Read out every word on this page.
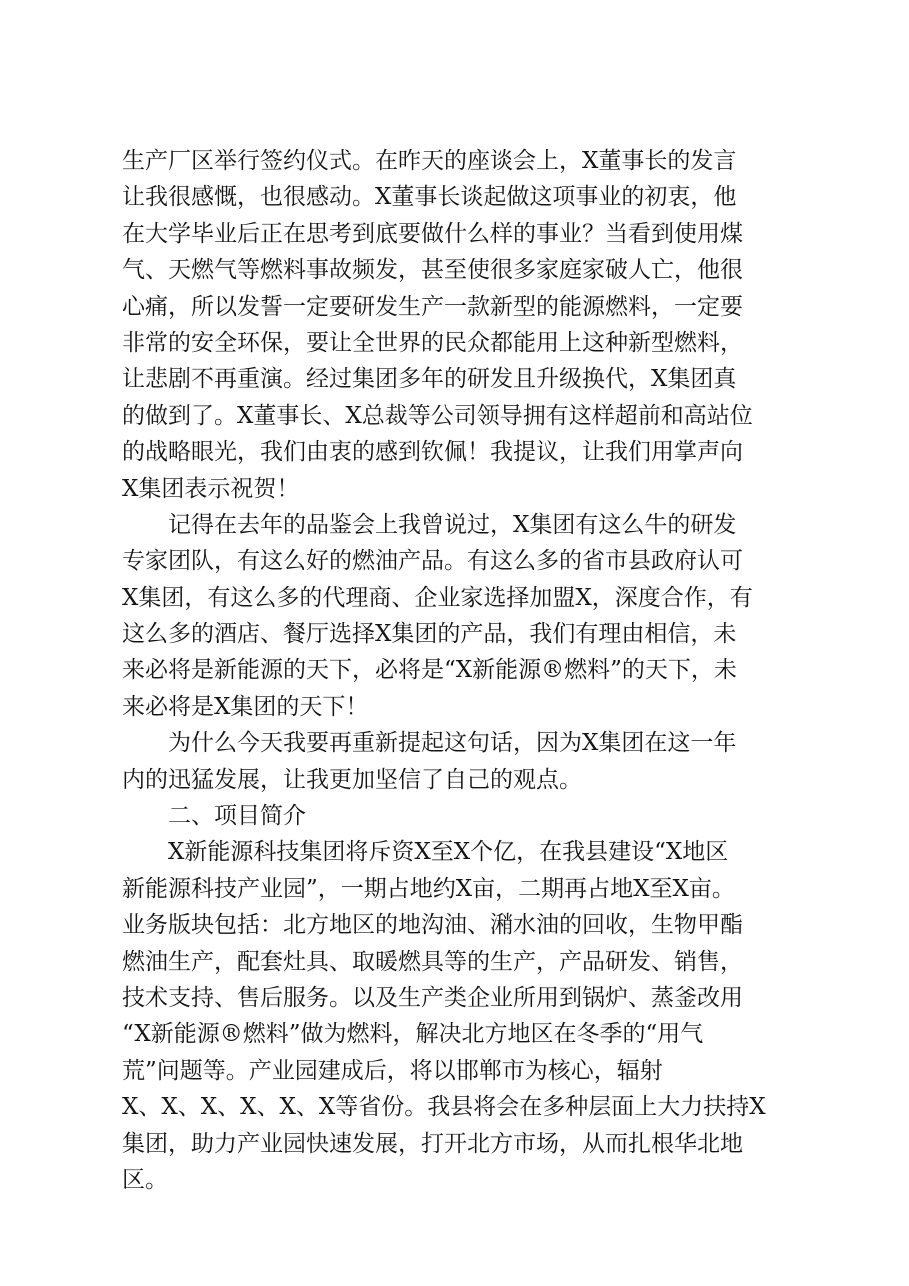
生产厂区举行签约仪式。在昨天的座谈会上，X董事长的发言
让我很感慨，也很感动。X董事长谈起做这项事业的初衷，他
在大学毕业后正在思考到底要做什么样的事业？当看到使用煤
气、天燃气等燃料事故频发，甚至使很多家庭家破人亡，他很
心痛，所以发誓一定要研发生产一款新型的能源燃料，一定要
非常的安全环保，要让全世界的民众都能用上这种新型燃料，
让悲剧不再重演。经过集团多年的研发且升级换代，X集团真
的做到了。X董事长、X总裁等公司领导拥有这样超前和高站位
的战略眼光，我们由衷的感到钦佩！我提议，让我们用掌声向
X集团表示祝贺！
记得在去年的品鉴会上我曾说过，X集团有这么牛的研发
专家团队，有这么好的燃油产品。有这么多的省市县政府认可
X集团，有这么多的代理商、企业家选择加盟X，深度合作，有
这么多的酒店、餐厅选择X集团的产品，我们有理由相信，未
来必将是新能源的天下，必将是“X新能源®燃料”的天下，未
来必将是X集团的天下！
为什么今天我要再重新提起这句话，因为X集团在这一年
内的迅猛发展，让我更加坚信了自己的观点。
二、项目简介
X新能源科技集团将斥资X至X个亿，在我县建设“X地区
新能源科技产业园”，一期占地约X亩，二期再占地X至X亩。
业务版块包括：北方地区的地沟油、潲水油的回收，生物甲酯
燃油生产，配套灶具、取暖燃具等的生产，产品研发、销售，
技术支持、售后服务。以及生产类企业所用到锅炉、蒸釜改用
“X新能源®燃料”做为燃料，解决北方地区在冬季的“用气
荒”问题等。产业园建成后，将以邯郸市为核心，辐射
X、X、X、X、X、X等省份。我县将会在多种层面上大力扶持X
集团，助力产业园快速发展，打开北方市场，从而扎根华北地
区。
